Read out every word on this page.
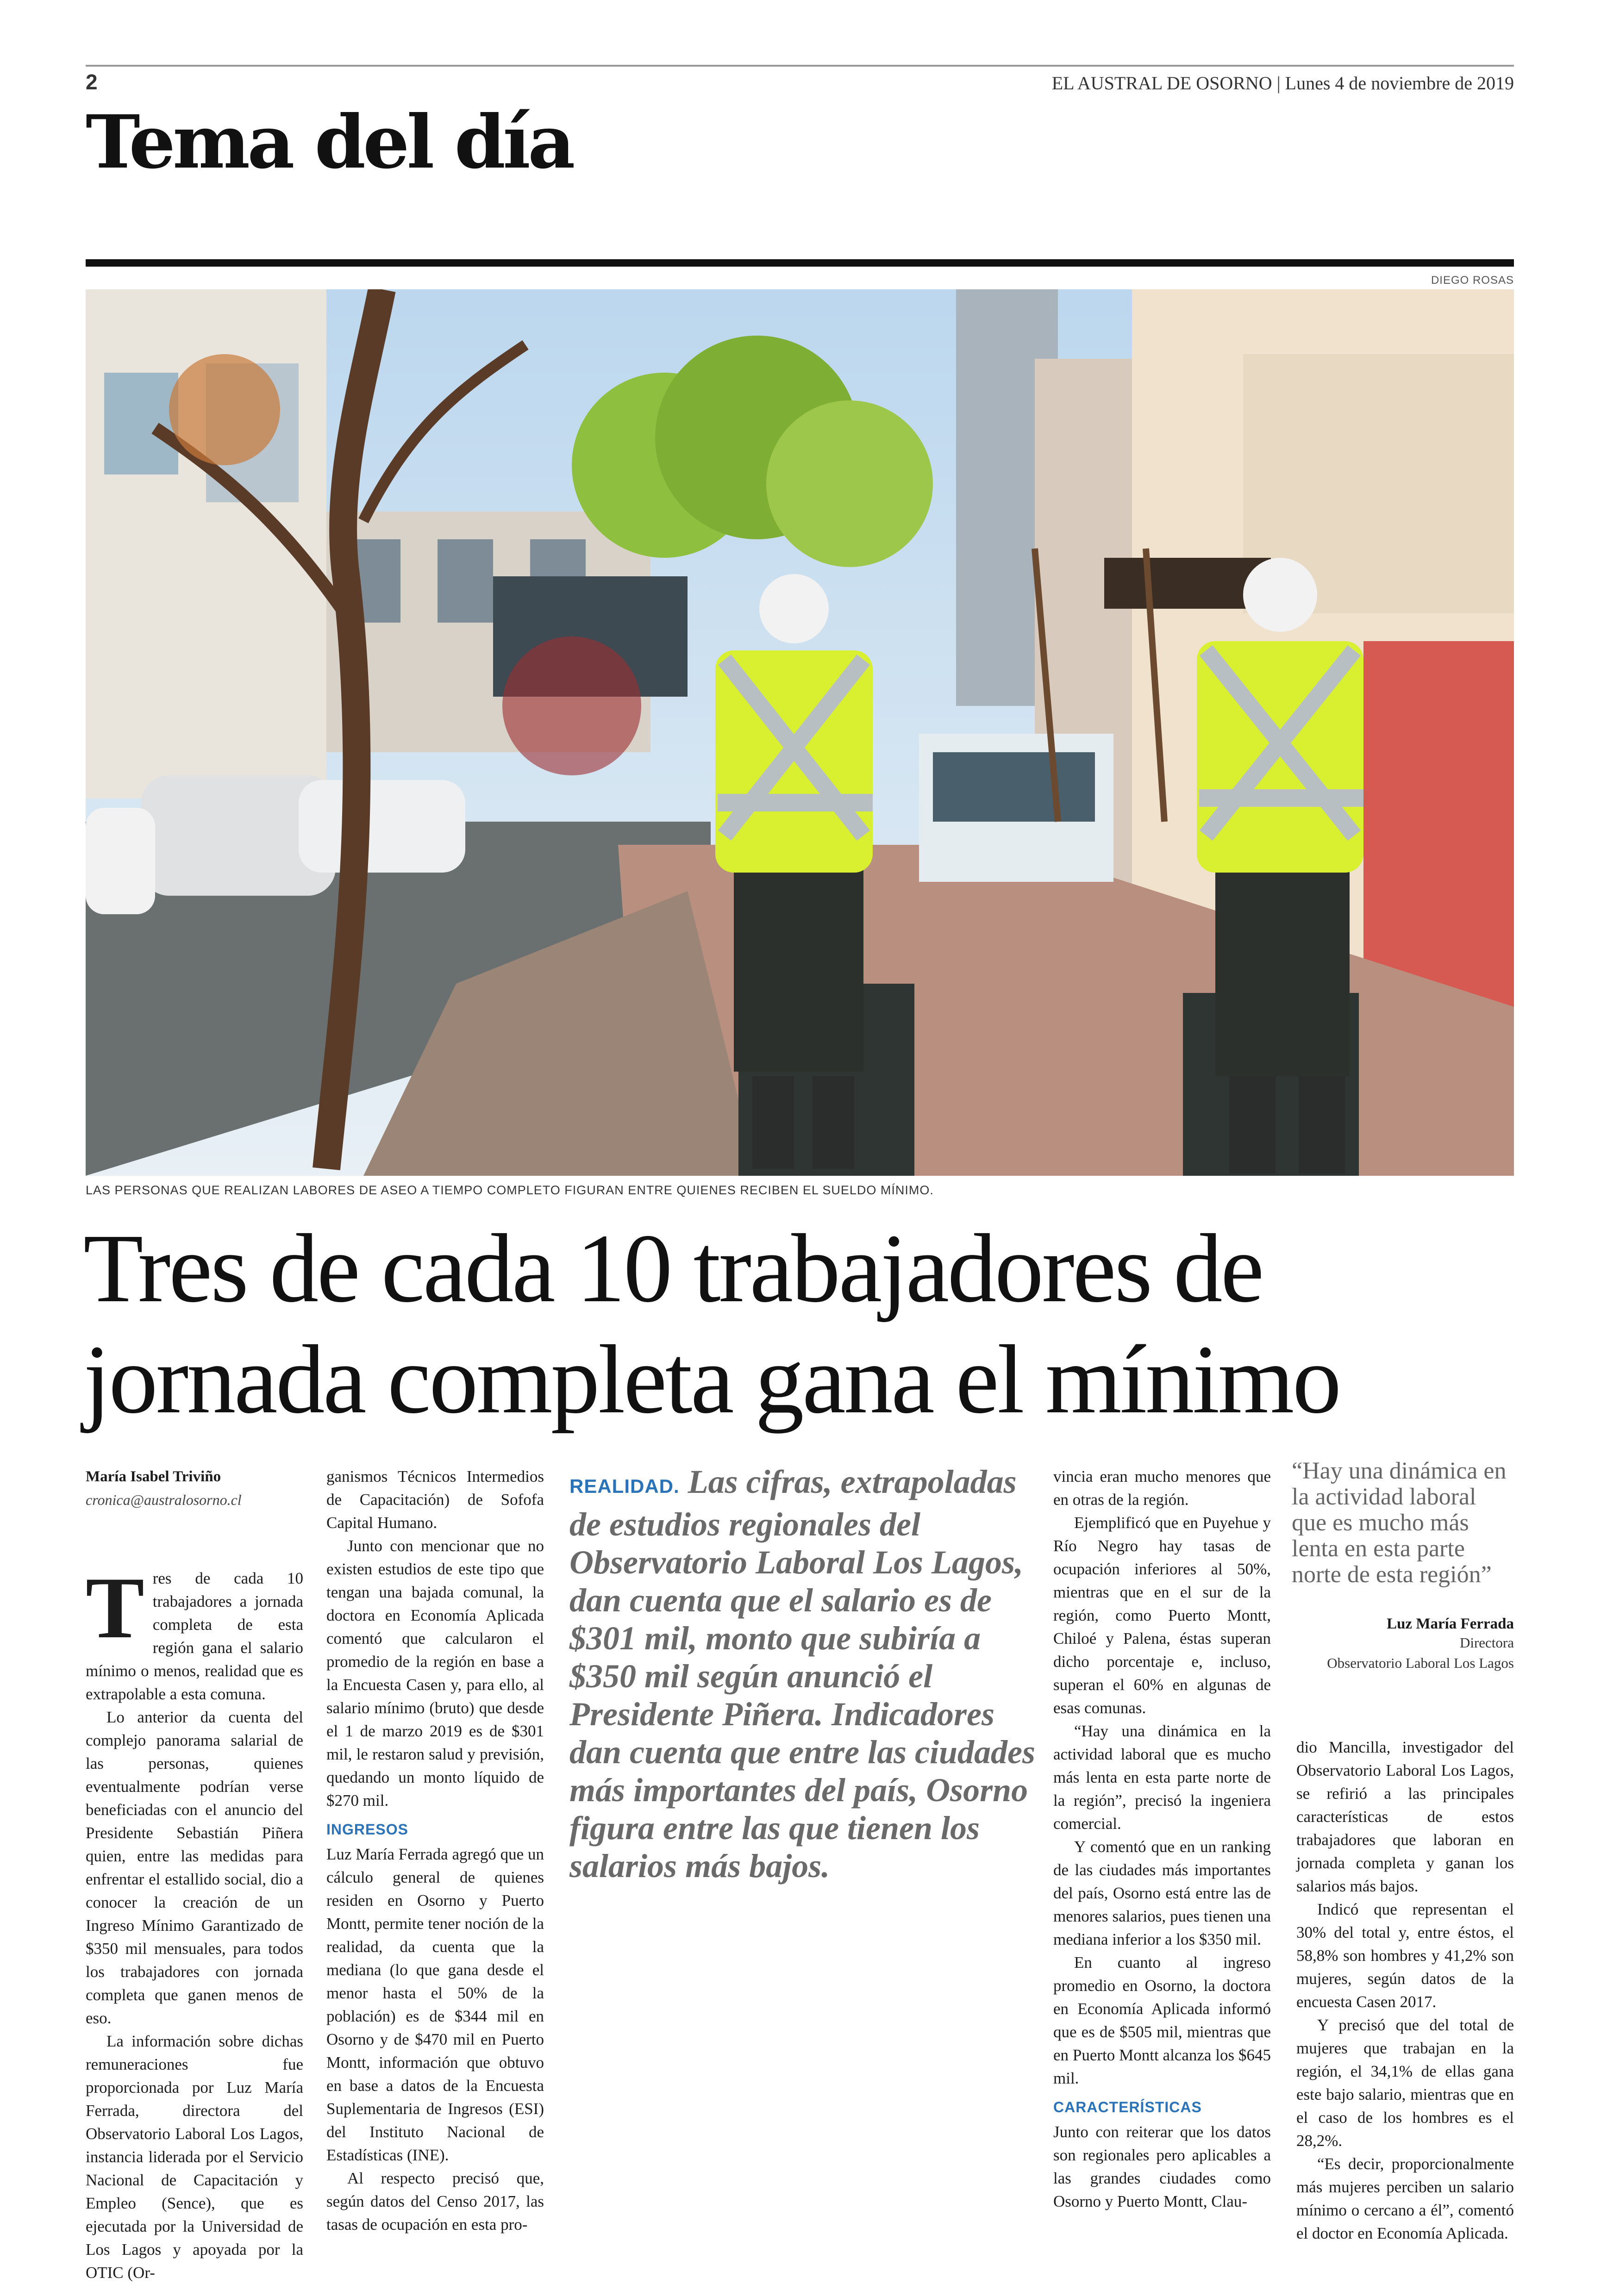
2	EL AUSTRAL DE OSORNO | Lunes 4 de noviembre de 2019
Tema del día
DIEGO ROSAS
LAS PERSONAS QUE REALIZAN LABORES DE ASEO A TIEMPO COMPLETO FIGURAN ENTRE QUIENES RECIBEN EL SUELDO MÍNIMO.
Tres de cada 10 trabajadores de
jornada completa gana el mínimo
María Isabel Triviño
cronica@australosorno.cl

Tres de cada 10 trabajadores a jornada completa de esta región gana el salario mínimo o menos, realidad que es extrapolable a esta comuna.

Lo anterior da cuenta del complejo panorama salarial de las personas, quienes eventualmente podrían verse beneficiadas con el anuncio del Presidente Sebastián Piñera quien, entre las medidas para enfrentar el estallido social, dio a conocer la creación de un Ingreso Mínimo Garantizado de $350 mil mensuales, para todos los trabajadores con jornada completa que ganen menos de eso.

La información sobre dichas remuneraciones fue proporcionada por Luz María Ferrada, directora del Observatorio Laboral Los Lagos, instancia liderada por el Servicio Nacional de Capacitación y Empleo (Sence), que es ejecutada por la Universidad de Los Lagos y apoyada por la OTIC (Or-

ganismos Técnicos Intermedios de Capacitación) de Sofofa Capital Humano.

Junto con mencionar que no existen estudios de este tipo que tengan una bajada comunal, la doctora en Economía Aplicada comentó que calcularon el promedio de la región en base a la Encuesta Casen y, para ello, al salario mínimo (bruto) que desde el 1 de marzo 2019 es de $301 mil, le restaron salud y previsión, quedando un monto líquido de $270 mil.

INGRESOS

Luz María Ferrada agregó que un cálculo general de quienes residen en Osorno y Puerto Montt, permite tener noción de la realidad, da cuenta que la mediana (lo que gana desde el menor hasta el 50% de la población) es de $344 mil en Osorno y de $470 mil en Puerto Montt, información que obtuvo en base a datos de la Encuesta Suplementaria de Ingresos (ESI) del Instituto Nacional de Estadísticas (INE).

Al respecto precisó que, según datos del Censo 2017, las tasas de ocupación en esta pro-

REALIDAD. Las cifras, extrapoladas de estudios regionales del Observatorio Laboral Los Lagos, dan cuenta que el salario es de $301 mil, monto que subiría a $350 mil según anunció el Presidente Piñera. Indicadores dan cuenta que entre las ciudades más importantes del país, Osorno figura entre las que tienen los salarios más bajos.

vincia eran mucho menores que en otras de la región.

Ejemplificó que en Puyehue y Río Negro hay tasas de ocupación inferiores al 50%, mientras que en el sur de la región, como Puerto Montt, Chiloé y Palena, éstas superan dicho porcentaje e, incluso, superan el 60% en algunas de esas comunas.

“Hay una dinámica en la actividad laboral que es mucho más lenta en esta parte norte de la región”, precisó la ingeniera comercial.

Y comentó que en un ranking de las ciudades más importantes del país, Osorno está entre las de menores salarios, pues tienen una mediana inferior a los $350 mil.

En cuanto al ingreso promedio en Osorno, la doctora en Economía Aplicada informó que es de $505 mil, mientras que en Puerto Montt alcanza los $645 mil.

CARACTERÍSTICAS

Junto con reiterar que los datos son regionales pero aplicables a las grandes ciudades como Osorno y Puerto Montt, Clau-

“Hay una dinámica en la actividad laboral que es mucho más lenta en esta parte norte de esta región”
Luz María Ferrada
Directora
Observatorio Laboral Los Lagos

dio Mancilla, investigador del Observatorio Laboral Los Lagos, se refirió a las principales características de estos trabajadores que laboran en jornada completa y ganan los salarios más bajos.

Indicó que representan el 30% del total y, entre éstos, el 58,8% son hombres y 41,2% son mujeres, según datos de la encuesta Casen 2017.

Y precisó que del total de mujeres que trabajan en la región, el 34,1% de ellas gana este bajo salario, mientras que en el caso de los hombres es el 28,2%.

“Es decir, proporcionalmente más mujeres perciben un salario mínimo o cercano a él”, comentó el doctor en Economía Aplicada.
